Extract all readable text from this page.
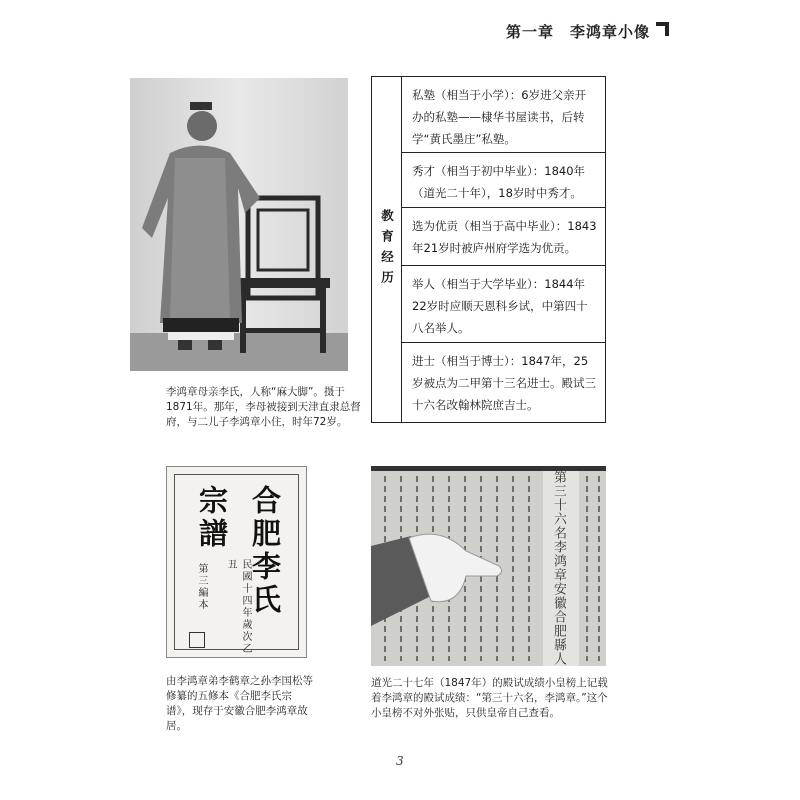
第一章　李鸿章小像
李鸿章母亲李氏，人称“麻大脚”。摄于1871年。那年，李母被接到天津直隶总督府，与二儿子李鸿章小住，时年72岁。
教育经历
私塾（相当于小学）：6岁进父亲开办的私塾——棣华书屋读书，后转学“黄氏墨庄”私塾。
秀才（相当于初中毕业）：1840年（道光二十年），18岁时中秀才。
选为优贡（相当于高中毕业）：1843年21岁时被庐州府学选为优贡。
举人（相当于大学毕业）：1844年22岁时应顺天恩科乡试，中第四十八名举人。
进士（相当于博士）：1847年，25岁被点为二甲第十三名进士。殿试三十六名改翰林院庶吉士。
合肥李氏
宗譜
民國十四年歲次乙丑
第三編本
由李鸿章弟李鹤章之孙李国松等修纂的五修本《合肥李氏宗谱》，现存于安徽合肥李鸿章故居。
第三十六名李鸿章安徽合肥縣人
道光二十七年（1847年）的殿试成绩小皇榜上记载着李鸿章的殿试成绩：“第三十六名，李鸿章。”这个小皇榜不对外张贴，只供皇帝自己查看。
3
